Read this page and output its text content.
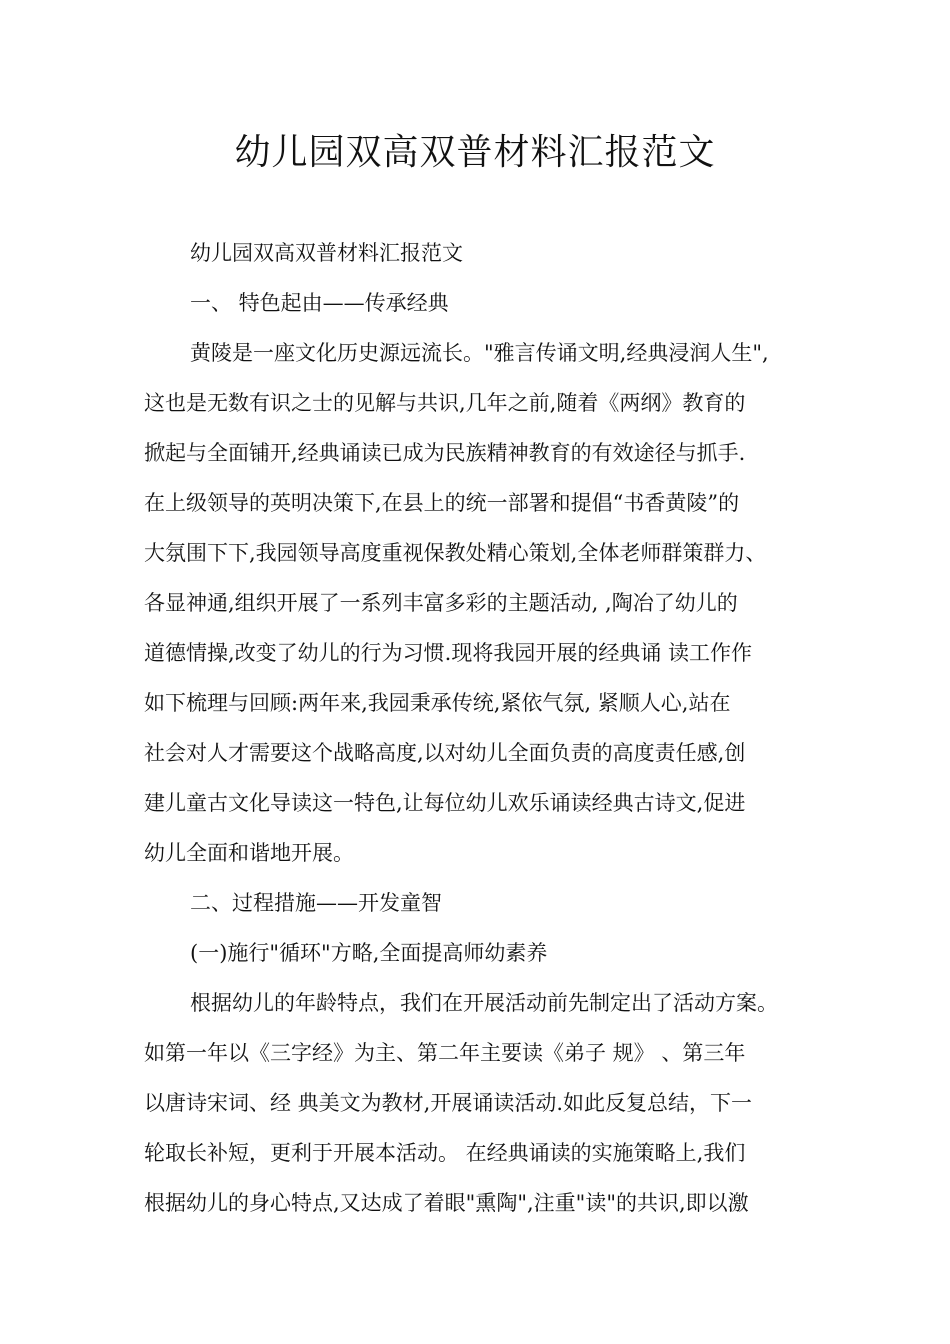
幼儿园双高双普材料汇报范文
幼儿园双高双普材料汇报范文
一、 特色起由——传承经典
黄陵是一座文化历史源远流长。"雅言传诵文明,经典浸润人生",
这也是无数有识之士的见解与共识,几年之前,随着《两纲》教育的
掀起与全面铺开,经典诵读已成为民族精神教育的有效途径与抓手.
在上级领导的英明决策下,在县上的统一部署和提倡“书香黄陵”的
大氛围下下,我园领导高度重视保教处精心策划,全体老师群策群力、
各显神通,组织开展了一系列丰富多彩的主题活动, ,陶冶了幼儿的
道德情操,改变了幼儿的行为习惯.现将我园开展的经典诵 读工作作
如下梳理与回顾:两年来,我园秉承传统,紧依气氛, 紧顺人心,站在
社会对人才需要这个战略高度,以对幼儿全面负责的高度责任感,创
建儿童古文化导读这一特色,让每位幼儿欢乐诵读经典古诗文,促进
幼儿全面和谐地开展。
二、过程措施——开发童智
(一)施行"循环"方略,全面提高师幼素养
根据幼儿的年龄特点，我们在开展活动前先制定出了活动方案。
如第一年以《三字经》为主、第二年主要读《弟子 规》 、第三年
以唐诗宋词、经 典美文为教材,开展诵读活动.如此反复总结，下一
轮取长补短，更利于开展本活动。 在经典诵读的实施策略上,我们
根据幼儿的身心特点,又达成了着眼"熏陶",注重"读"的共识,即以激
